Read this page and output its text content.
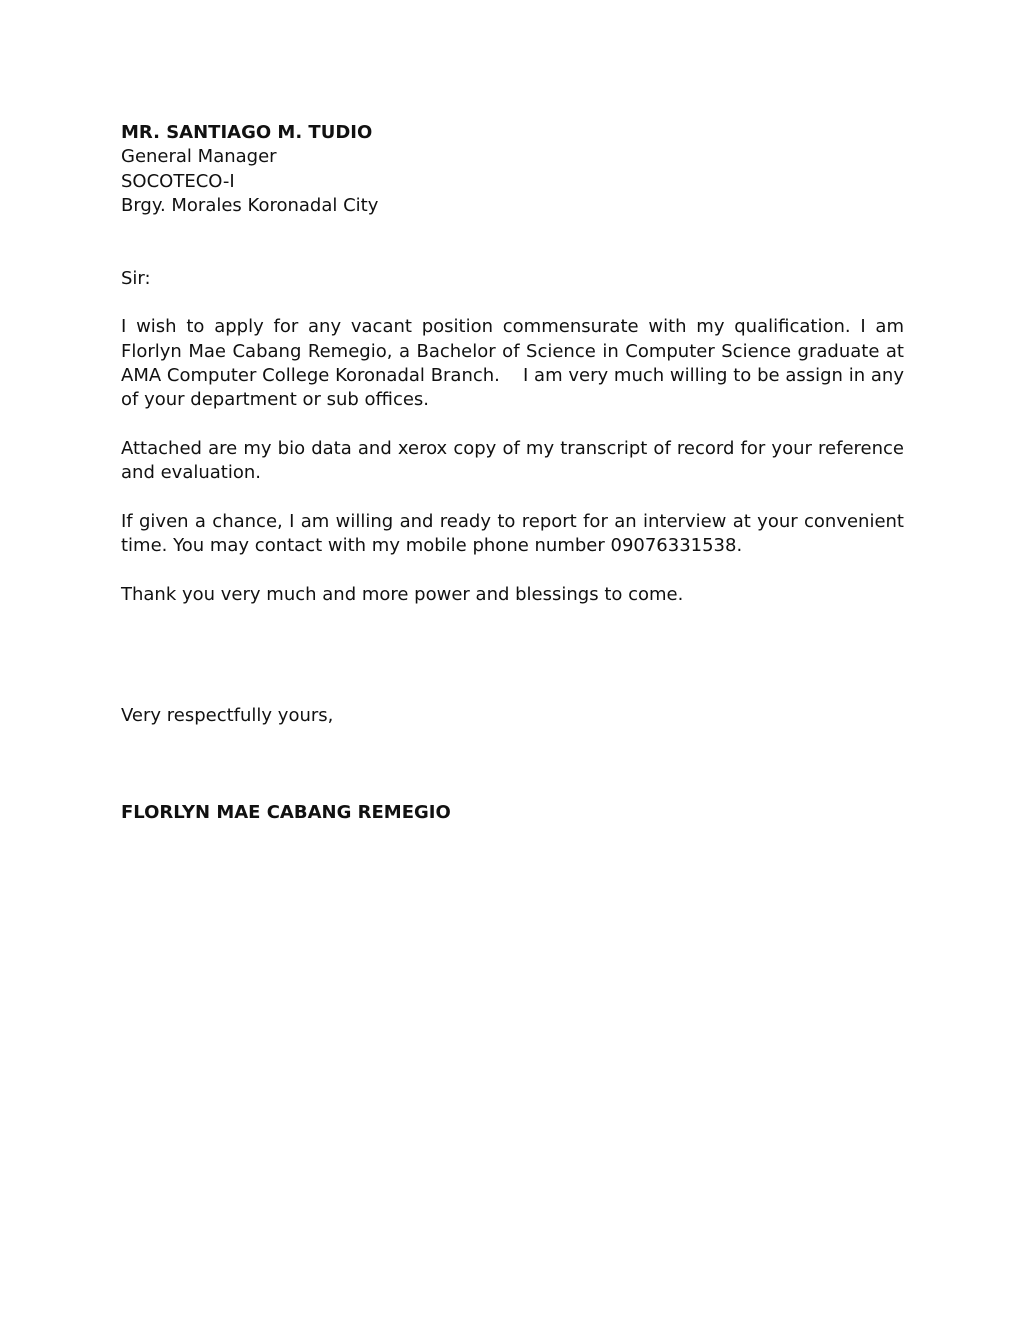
MR. SANTIAGO M. TUDIO
General Manager
SOCOTECO-I
Brgy. Morales Koronadal City

Sir:

I wish to apply for any vacant position commensurate with my qualification. I am Florlyn Mae Cabang Remegio, a Bachelor of Science in Computer Science graduate at AMA Computer College Koronadal Branch.    I am very much willing to be assign in any of your department or sub offices.

Attached are my bio data and xerox copy of my transcript of record for your reference and evaluation.

If given a chance, I am willing and ready to report for an interview at your convenient time. You may contact with my mobile phone number 09076331538.

Thank you very much and more power and blessings to come.

Very respectfully yours,

FLORLYN MAE CABANG REMEGIO
